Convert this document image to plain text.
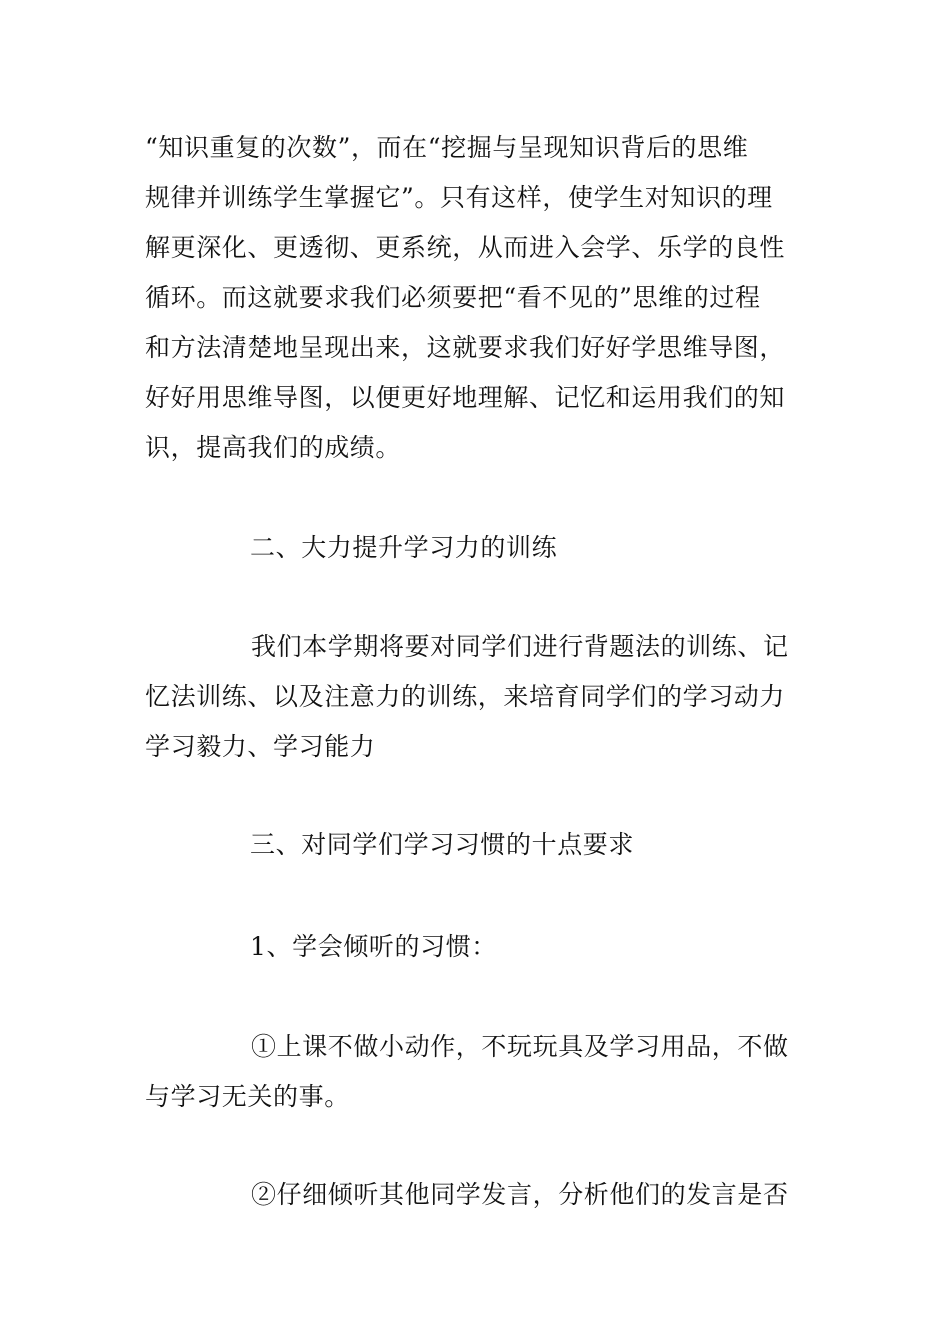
“知识重复的次数”，而在“挖掘与呈现知识背后的思维
规律并训练学生掌握它”。只有这样，使学生对知识的理
解更深化、更透彻、更系统，从而进入会学、乐学的良性
循环。而这就要求我们必须要把“看不见的”思维的过程
和方法清楚地呈现出来，这就要求我们好好学思维导图，
好好用思维导图，以便更好地理解、记忆和运用我们的知
识，提高我们的成绩。
二、大力提升学习力的训练
我们本学期将要对同学们进行背题法的训练、记
忆法训练、以及注意力的训练，来培育同学们的学习动力
学习毅力、学习能力
三、对同学们学习习惯的十点要求
1、学会倾听的习惯：
①上课不做小动作，不玩玩具及学习用品，不做
与学习无关的事。
②仔细倾听其他同学发言，分析他们的发言是否
